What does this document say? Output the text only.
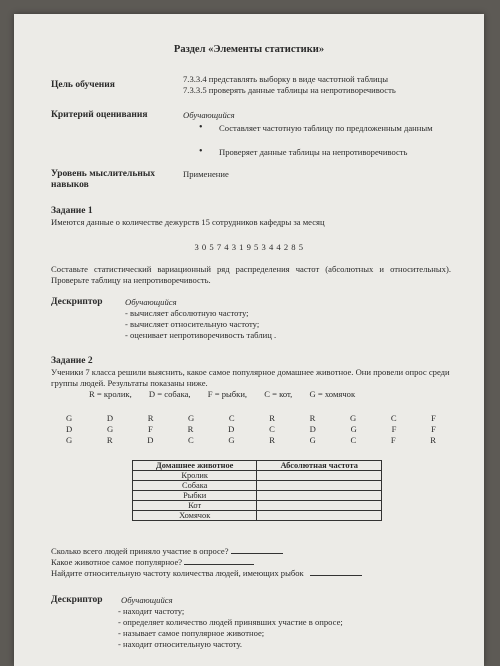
Раздел «Элементы статистики»
Цель обучения
7.3.3.4 представлять выборку в виде частотной таблицы
7.3.3.5 проверять данные таблицы на непротиворечивость
Критерий оценивания	Обучающийся
• Составляет частотную таблицу по предложенным данным
• Проверяет данные таблицы на непротиворечивость
Уровень мыслительных
навыков
Применение
Задание 1
Имеются данные о количестве дежурств 15 сотрудников кафедры за месяц
3 0 5 7 4 3 1 9 5 3 4 4 2 8 5
Составьте статистический вариационный ряд распределения частот (абсолютных и относительных). Проверьте таблицу на непротиворечивость.
Дескриптор	Обучающийся
- вычисляет абсолютную частоту;
- вычисляет относительную частоту;
- оценивает непротиворечивость таблиц .
Задание 2
Ученики 7 класса решили выяснить, какое самое популярное домашнее животное. Они провели опрос среди группы людей. Результаты показаны ниже.
R = кролик,        D = собака,        F = рыбки,        C = кот,        G = хомячок
G	D	R	G	C	R	R	G	C	F
D	G	F	R	D	C	D	G	F	F
G	R	D	C	G	R	G	C	F	R
Домашнее животное	Абсолютная частота
Кролик	
Собака	
Рыбки	
Кот	
Хомячок	
Сколько всего людей приняло участие в опросе?
Какое животное самое популярное?
Найдите относительную частоту количества людей, имеющих рыбок
Дескриптор Обучающийся
- находит частоту;
- определяет количество людей принявших участие в опросе;
- называет самое популярное животное;
- находит относительную частоту.
